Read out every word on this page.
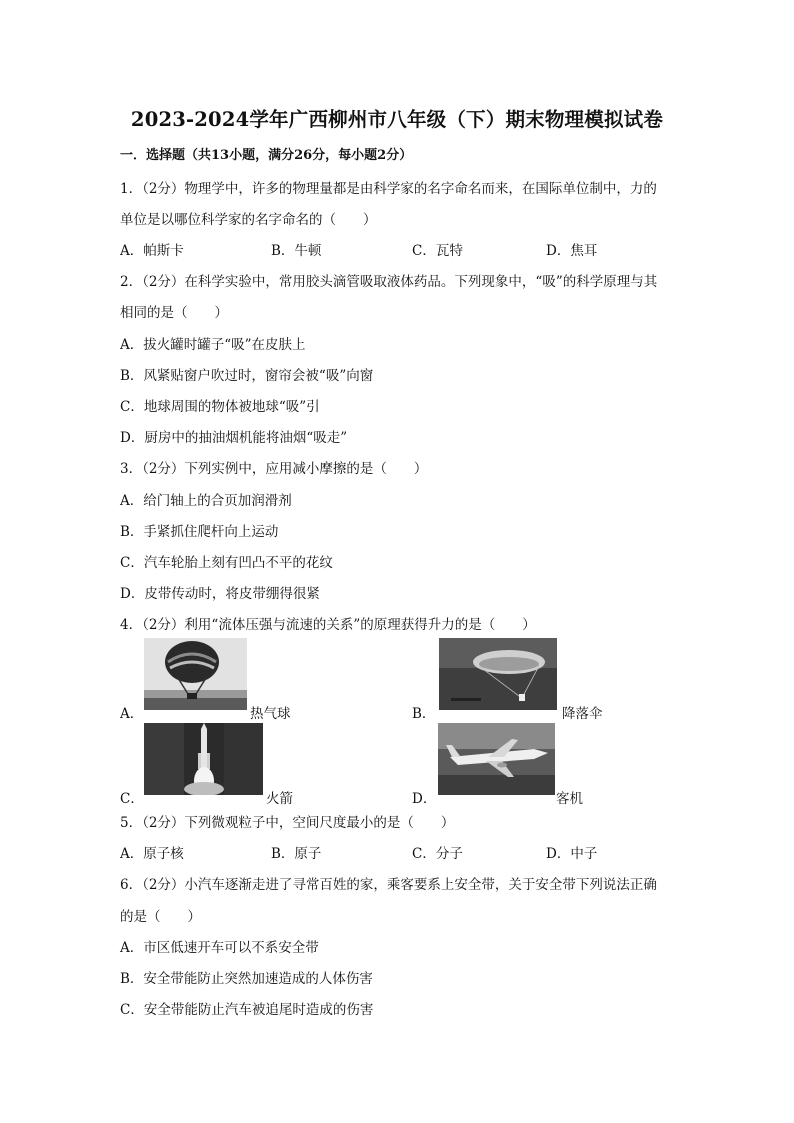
2023-2024学年广西柳州市八年级（下）期末物理模拟试卷
一．选择题（共13小题，满分26分，每小题2分）
1．（2分）物理学中，许多的物理量都是由科学家的名字命名而来，在国际单位制中，力的
单位是以哪位科学家的名字命名的（　　）
A．帕斯卡	B．牛顿	C．瓦特	D．焦耳
2．（2分）在科学实验中，常用胶头滴管吸取液体药品。下列现象中，“吸”的科学原理与其
相同的是（　　）
A．拔火罐时罐子“吸”在皮肤上
B．风紧贴窗户吹过时，窗帘会被“吸”向窗
C．地球周围的物体被地球“吸”引
D．厨房中的抽油烟机能将油烟“吸走”
3．（2分）下列实例中，应用减小摩擦的是（　　）
A．给门轴上的合页加润滑剂
B．手紧抓住爬杆向上运动
C．汽车轮胎上刻有凹凸不平的花纹
D．皮带传动时，将皮带绷得很紧
4．（2分）利用“流体压强与流速的关系”的原理获得升力的是（　　）
A．	热气球	B．	降落伞
C．	火箭	D．	客机
5．（2分）下列微观粒子中，空间尺度最小的是（　　）
A．原子核	B．原子	C．分子	D．中子
6．（2分）小汽车逐渐走进了寻常百姓的家，乘客要系上安全带，关于安全带下列说法正确
的是（　　）
A．市区低速开车可以不系安全带
B．安全带能防止突然加速造成的人体伤害
C．安全带能防止汽车被追尾时造成的伤害
